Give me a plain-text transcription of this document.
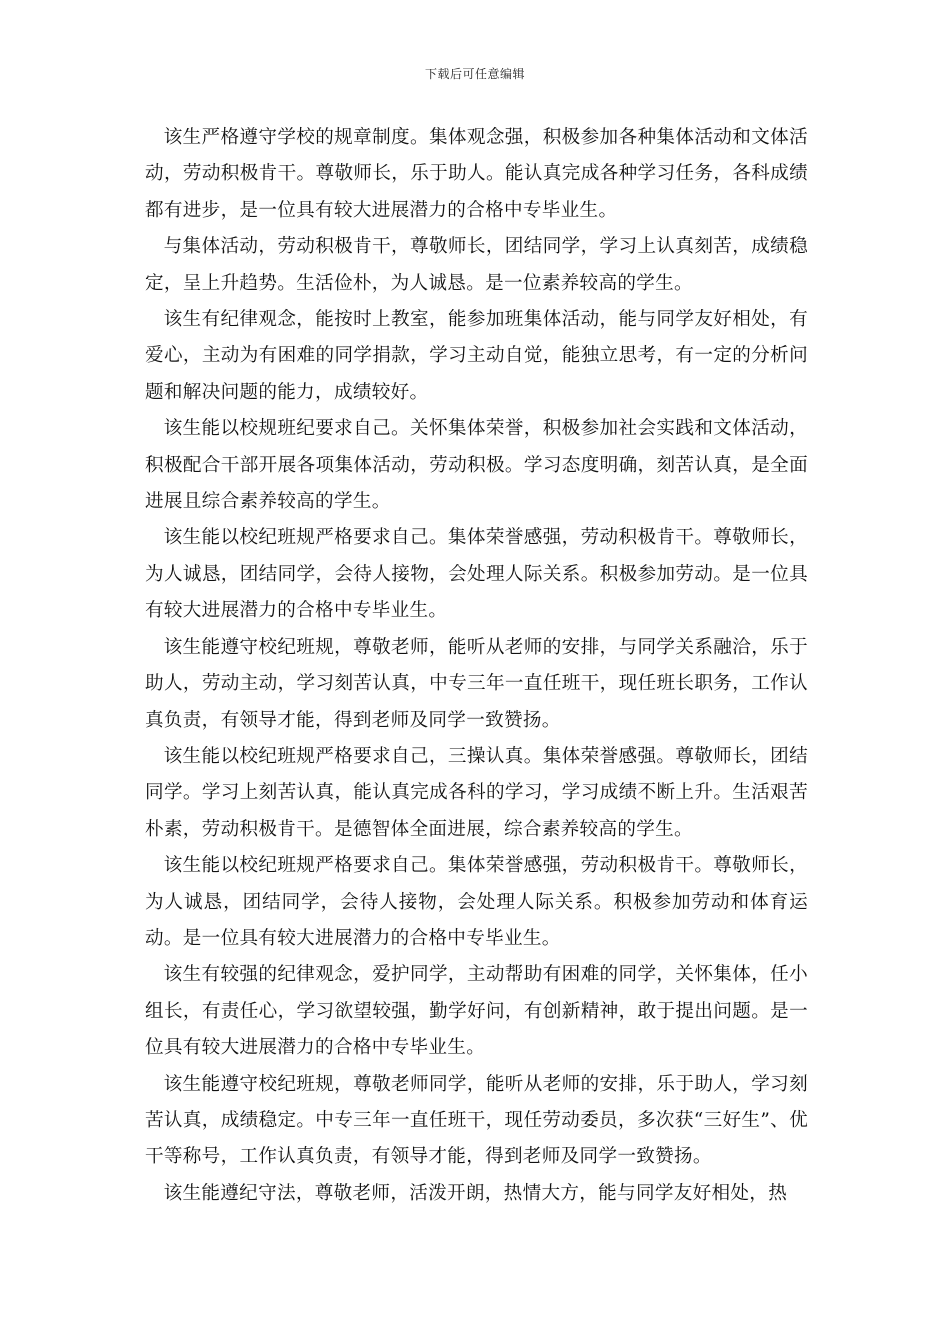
下载后可任意编辑

该生严格遵守学校的规章制度。集体观念强，积极参加各种集体活动和文体活动，劳动积极肯干。尊敬师长，乐于助人。能认真完成各种学习任务，各科成绩都有进步，是一位具有较大进展潜力的合格中专毕业生。

与集体活动，劳动积极肯干，尊敬师长，团结同学，学习上认真刻苦，成绩稳定，呈上升趋势。生活俭朴，为人诚恳。是一位素养较高的学生。

该生有纪律观念，能按时上教室，能参加班集体活动，能与同学友好相处，有爱心，主动为有困难的同学捐款，学习主动自觉，能独立思考，有一定的分析问题和解决问题的能力，成绩较好。

该生能以校规班纪要求自己。关怀集体荣誉，积极参加社会实践和文体活动，积极配合干部开展各项集体活动，劳动积极。学习态度明确，刻苦认真，是全面进展且综合素养较高的学生。

该生能以校纪班规严格要求自己。集体荣誉感强，劳动积极肯干。尊敬师长，为人诚恳，团结同学，会待人接物，会处理人际关系。积极参加劳动。是一位具有较大进展潜力的合格中专毕业生。

该生能遵守校纪班规，尊敬老师，能听从老师的安排，与同学关系融洽，乐于助人，劳动主动，学习刻苦认真，中专三年一直任班干，现任班长职务，工作认真负责，有领导才能，得到老师及同学一致赞扬。

该生能以校纪班规严格要求自己，三操认真。集体荣誉感强。尊敬师长，团结同学。学习上刻苦认真，能认真完成各科的学习，学习成绩不断上升。生活艰苦朴素，劳动积极肯干。是德智体全面进展，综合素养较高的学生。

该生能以校纪班规严格要求自己。集体荣誉感强，劳动积极肯干。尊敬师长，为人诚恳，团结同学，会待人接物，会处理人际关系。积极参加劳动和体育运动。是一位具有较大进展潜力的合格中专毕业生。

该生有较强的纪律观念，爱护同学，主动帮助有困难的同学，关怀集体，任小组长，有责任心，学习欲望较强，勤学好问，有创新精神，敢于提出问题。是一位具有较大进展潜力的合格中专毕业生。

该生能遵守校纪班规，尊敬老师同学，能听从老师的安排，乐于助人，学习刻苦认真，成绩稳定。中专三年一直任班干，现任劳动委员，多次获“三好生”、优干等称号，工作认真负责，有领导才能，得到老师及同学一致赞扬。

该生能遵纪守法，尊敬老师，活泼开朗，热情大方，能与同学友好相处，热
